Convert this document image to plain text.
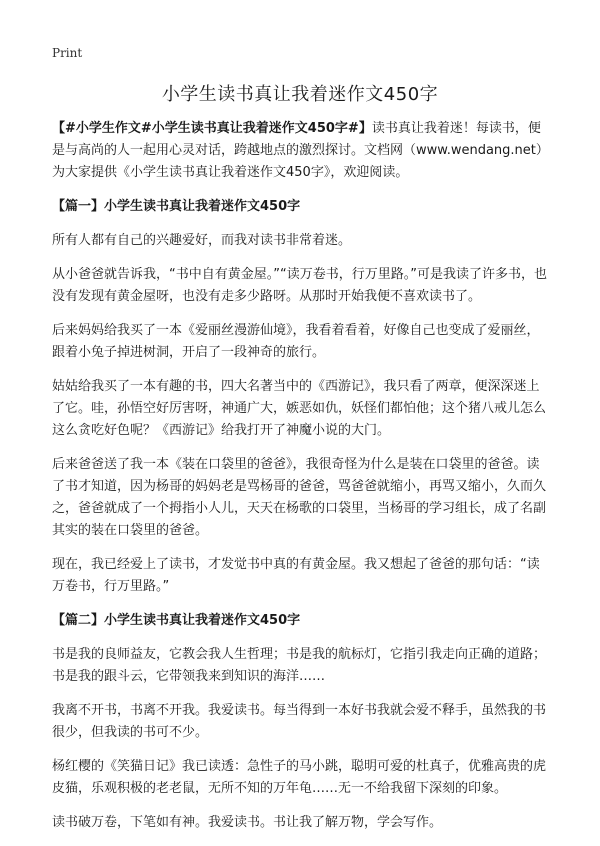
Print
小学生读书真让我着迷作文450字

【#小学生作文#小学生读书真让我着迷作文450字#】读书真让我着迷！每读书，便是与高尚的人一起用心灵对话，跨越地点的激烈探讨。文档网（www.wendang.net）为大家提供《小学生读书真让我着迷作文450字》，欢迎阅读。

【篇一】小学生读书真让我着迷作文450字

所有人都有自己的兴趣爱好，而我对读书非常着迷。

从小爸爸就告诉我，“书中自有黄金屋。”“读万卷书，行万里路。”可是我读了许多书，也没有发现有黄金屋呀，也没有走多少路呀。从那时开始我便不喜欢读书了。

后来妈妈给我买了一本《爱丽丝漫游仙境》，我看着看着，好像自己也变成了爱丽丝，跟着小兔子掉进树洞，开启了一段神奇的旅行。

姑姑给我买了一本有趣的书，四大名著当中的《西游记》，我只看了两章，便深深迷上了它。哇，孙悟空好厉害呀，神通广大，嫉恶如仇，妖怪们都怕他；这个猪八戒儿怎么这么贪吃好色呢？《西游记》给我打开了神魔小说的大门。

后来爸爸送了我一本《装在口袋里的爸爸》，我很奇怪为什么是装在口袋里的爸爸。读了书才知道，因为杨哥的妈妈老是骂杨哥的爸爸，骂爸爸就缩小，再骂又缩小，久而久之，爸爸就成了一个拇指小人儿，天天在杨歌的口袋里，当杨哥的学习组长，成了名副其实的装在口袋里的爸爸。

现在，我已经爱上了读书，才发觉书中真的有黄金屋。我又想起了爸爸的那句话：“读万卷书，行万里路。”

【篇二】小学生读书真让我着迷作文450字

书是我的良师益友，它教会我人生哲理；书是我的航标灯，它指引我走向正确的道路；书是我的跟斗云，它带领我来到知识的海洋……

我离不开书，书离不开我。我爱读书。每当得到一本好书我就会爱不释手，虽然我的书很少，但我读的书可不少。

杨红樱的《笑猫日记》我已读透：急性子的马小跳，聪明可爱的杜真子，优雅高贵的虎皮猫，乐观积极的老老鼠，无所不知的万年龟……无一不给我留下深刻的印象。

读书破万卷，下笔如有神。我爱读书。书让我了解万物，学会写作。
